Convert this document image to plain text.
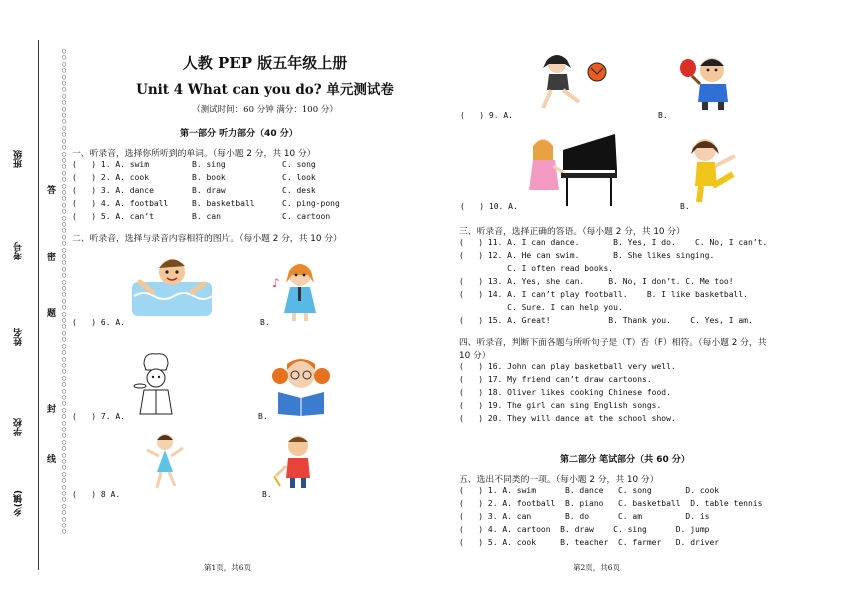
○○○○○○○○○○○○○○○○○○○○○○○○○○○○○○○○○○○○○○○○○○○○○○○○○○○○○○○○○○○○○○○○○○○○○○○○○○○○
班级
考号
姓名
学校
乡(镇)
答
密
题
封
线
人教 PEP 版五年级上册
Unit 4 What can you do? 单元测试卷
（测试时间：60 分钟 满分：100 分）
第一部分 听力部分（40 分）
一、听录音，选择你所听到的单词。（每小题 2 分，共 10 分）
(   ) 1. A. swim	B. sing	C. song
(   ) 2. A. cook	B. book	C. look
(   ) 3. A. dance	B. draw	C. desk
(   ) 4. A. football	B. basketball	C. ping-pong
(   ) 5. A. can’t	B. can	C. cartoon
二、听录音，选择与录音内容相符的图片。（每小题 2 分，共 10 分）
(   ) 6. A.	B.
(   ) 7. A.	B.
(   ) 8 A.	B.
(   ) 9. A.	B.
(   ) 10. A.	B.
♪
三、听录音，选择正确的答语。（每小题 2 分，共 10 分）
(   ) 11. A. I can dance.       B. Yes, I do.    C. No, I can’t.
(   ) 12. A. He can swim.       B. She likes singing.
C. I often read books.
(   ) 13. A. Yes, she can.     B. No, I don’t. C. Me too!
(   ) 14. A. I can’t play football.    B. I like basketball.
C. Sure. I can help you.
(   ) 15. A. Great!            B. Thank you.    C. Yes, I am.
四、听录音，判断下面各题与所听句子是（T）否（F）相符。（每小题 2 分，共
10 分）
(   ) 16. John can play basketball very well.
(   ) 17. My friend can’t draw cartoons.
(   ) 18. Oliver likes cooking Chinese food.
(   ) 19. The girl can sing English songs.
(   ) 20. They will dance at the school show.
第二部分 笔试部分（共 60 分）
五、选出不同类的一项。（每小题 2 分，共 10 分）
(   ) 1. A. swim      B. dance   C. song       D. cook
(   ) 2. A. football  B. piano   C. basketball  D. table tennis
(   ) 3. A. can       B. do      C. am         D. is
(   ) 4. A. cartoon  B. draw    C. sing      D. jump
(   ) 5. A. cook     B. teacher  C. farmer   D. driver
第1页，共6页	第2页，共6页
